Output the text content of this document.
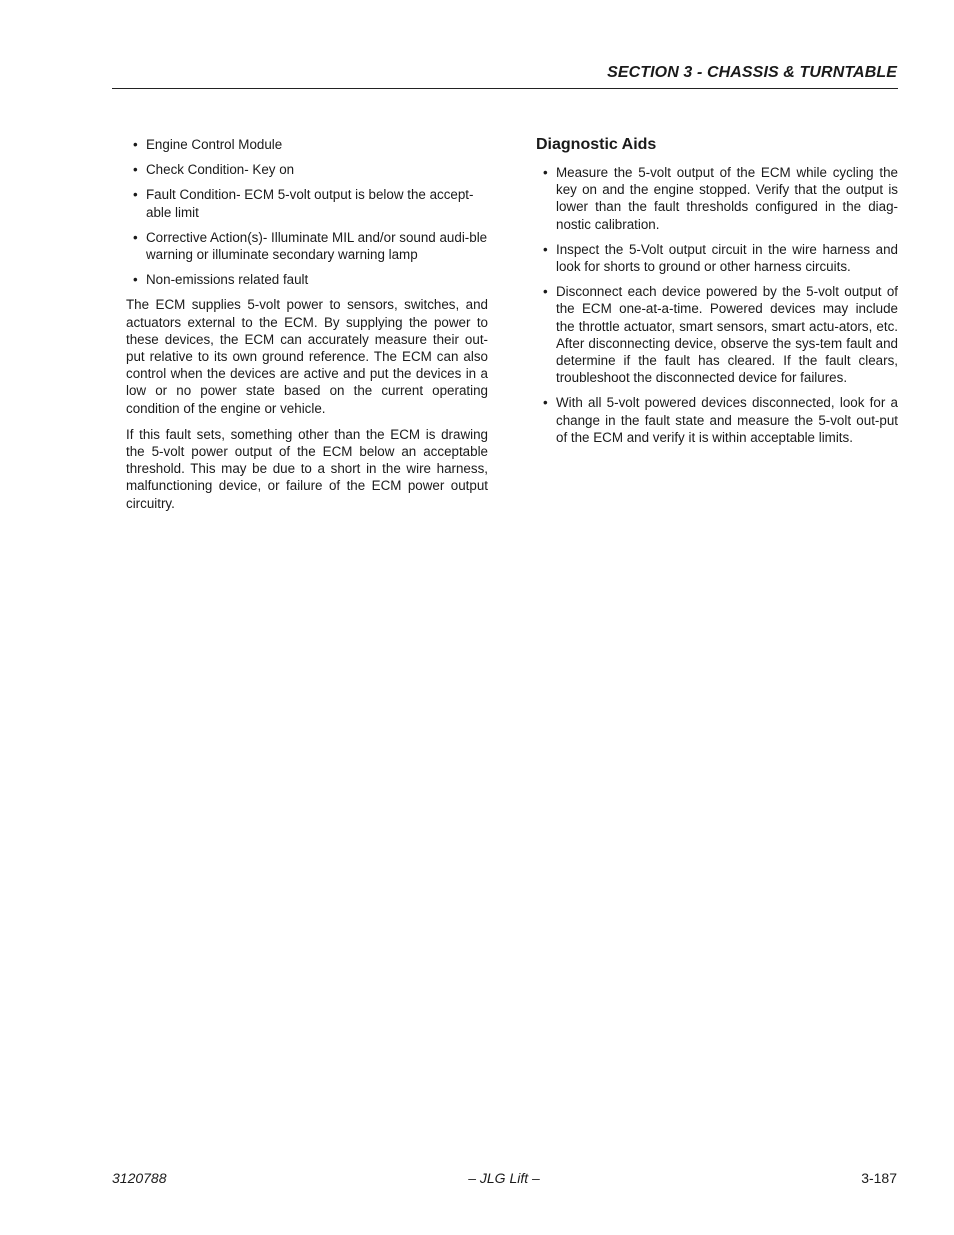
SECTION 3 - CHASSIS & TURNTABLE
• Engine Control Module
• Check Condition- Key on
• Fault Condition- ECM 5-volt output is below the accept-able limit
• Corrective Action(s)- Illuminate MIL and/or sound audi-ble warning or illuminate secondary warning lamp
• Non-emissions related fault

The ECM supplies 5-volt power to sensors, switches, and actuators external to the ECM. By supplying the power to these devices, the ECM can accurately measure their out-put relative to its own ground reference. The ECM can also control when the devices are active and put the devices in a low or no power state based on the current operating condition of the engine or vehicle.

If this fault sets, something other than the ECM is drawing the 5-volt power output of the ECM below an acceptable threshold. This may be due to a short in the wire harness, malfunctioning device, or failure of the ECM power output circuitry.

Diagnostic Aids
• Measure the 5-volt output of the ECM while cycling the key on and the engine stopped. Verify that the output is lower than the fault thresholds configured in the diag-nostic calibration.
• Inspect the 5-Volt output circuit in the wire harness and look for shorts to ground or other harness circuits.
• Disconnect each device powered by the 5-volt output of the ECM one-at-a-time. Powered devices may include the throttle actuator, smart sensors, smart actu-ators, etc. After disconnecting device, observe the sys-tem fault and determine if the fault has cleared. If the fault clears, troubleshoot the disconnected device for failures.
• With all 5-volt powered devices disconnected, look for a change in the fault state and measure the 5-volt out-put of the ECM and verify it is within acceptable limits.
3120788	– JLG Lift –	3-187
